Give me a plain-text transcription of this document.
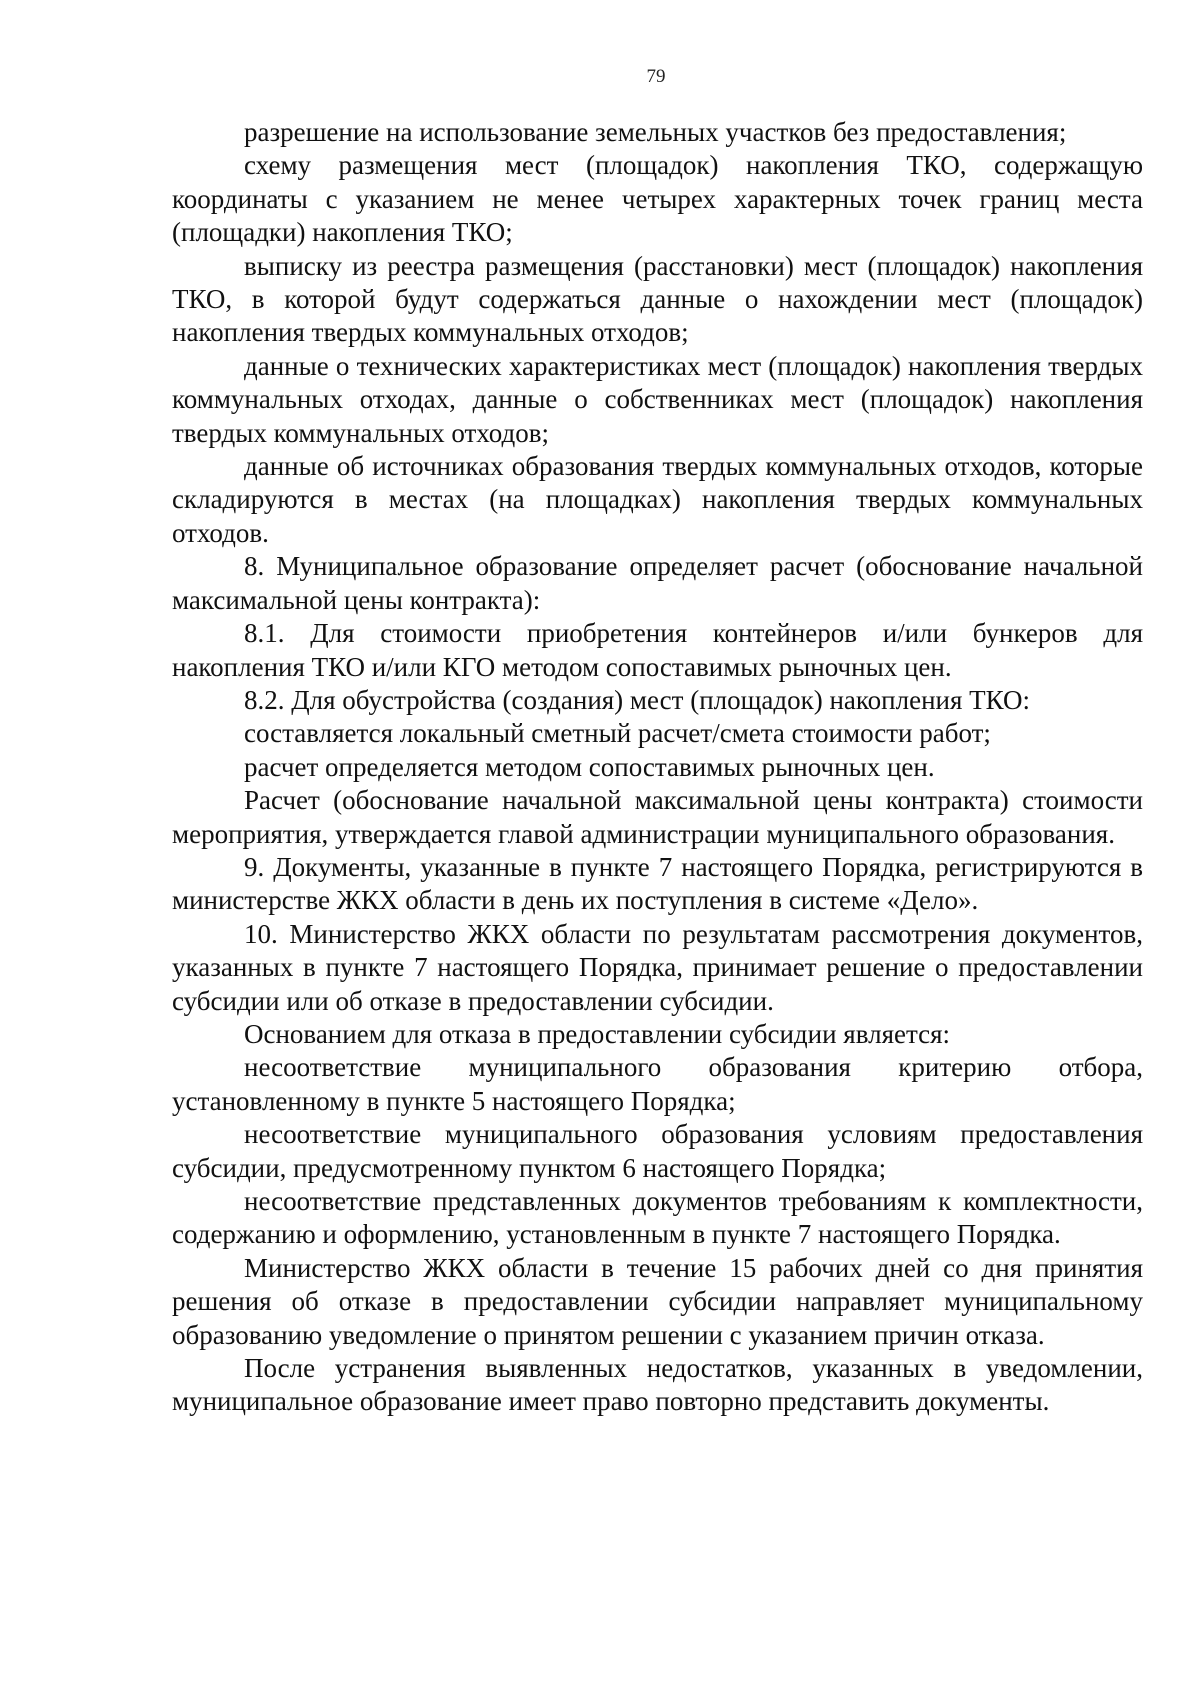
79

разрешение на использование земельных участков без предоставления;

схему размещения мест (площадок) накопления ТКО, содержащую координаты с указанием не менее четырех характерных точек границ места (площадки) накопления ТКО;

выписку из реестра размещения (расстановки) мест (площадок) накопления ТКО, в которой будут содержаться данные о нахождении мест (площадок) накопления твердых коммунальных отходов;

данные о технических характеристиках мест (площадок) накопления твердых коммунальных отходах, данные о собственниках мест (площадок) накопления твердых коммунальных отходов;

данные об источниках образования твердых коммунальных отходов, которые складируются в местах (на площадках) накопления твердых коммунальных отходов.

8. Муниципальное образование определяет расчет (обоснование начальной максимальной цены контракта):

8.1. Для стоимости приобретения контейнеров и/или бункеров для накопления ТКО и/или КГО методом сопоставимых рыночных цен.

8.2. Для обустройства (создания) мест (площадок) накопления ТКО:

составляется локальный сметный расчет/смета стоимости работ;

расчет определяется методом сопоставимых рыночных цен.

Расчет (обоснование начальной максимальной цены контракта) стоимости мероприятия, утверждается главой администрации муниципального образования.

9. Документы, указанные в пункте 7 настоящего Порядка, регистрируются в министерстве ЖКХ области в день их поступления в системе «Дело».

10. Министерство ЖКХ области по результатам рассмотрения документов, указанных в пункте 7 настоящего Порядка, принимает решение о предоставлении субсидии или об отказе в предоставлении субсидии.

Основанием для отказа в предоставлении субсидии является:

несоответствие муниципального образования критерию отбора, установленному в пункте 5 настоящего Порядка;

несоответствие муниципального образования условиям предоставления субсидии, предусмотренному пунктом 6 настоящего Порядка;

несоответствие представленных документов требованиям к комплектности, содержанию и оформлению, установленным в пункте 7 настоящего Порядка.

Министерство ЖКХ области в течение 15 рабочих дней со дня принятия решения об отказе в предоставлении субсидии направляет муниципальному образованию уведомление о принятом решении с указанием причин отказа.

После устранения выявленных недостатков, указанных в уведомлении, муниципальное образование имеет право повторно представить документы.
